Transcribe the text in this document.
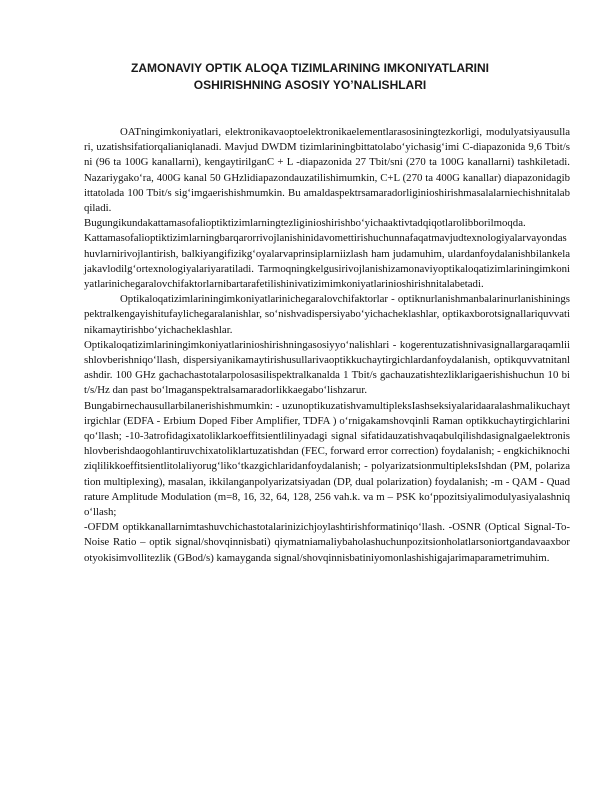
ZAMONAVIY OPTIK ALOQA TIZIMLARINING IMKONIYATLARINI
OSHIRISHNING ASOSIY YO’NALISHLARI

OATningimkoniyatlari, elektronikavaoptoelektronikaelementlarasosiningtezkorligi, modulyatsiyausullari, uzatishsifatiorqalianiqlanadi. Mavjud DWDM tizimlariningbittatolabo‘yichasig‘imi C-diapazonida 9,6 Tbit/sni (96 ta 100G kanallarni), kengaytirilganC + L -diapazonida 27 Tbit/sni (270 ta 100G kanallarni) tashkiletadi. Nazariygako‘ra, 400G kanal 50 GHzlidiapazondauzatilishimumkin, C+L (270 ta 400G kanallar) diapazonidagibittatolada 100 Tbit/s sig‘imgaerishishmumkin. Bu amaldaspektrsamaradorliginioshirishmasalalarniechishnitalabqiladi.

Bugungikundakattamasofalioptiktizimlarningtezliginioshirishbo‘yichaaktivtadqiqotlarolibborilmoqda.

Kattamasofalioptiktizimlarningbarqarorrivojlanishinidavomettirishuchunnafaqatmavjudtexnologiyalarvayondashuvlarnirivojlantirish, balkiyangifizikg‘oyalarvaprinsiplarniizlash ham judamuhim, ulardanfoydalanishbilankelajakavlodilg‘ortexnologiyalariyaratiladi. Tarmoqningkelgusirivojlanishizamonaviyoptikaloqatizimlariningimkoniyatlarinichegaralovchifaktorlarnibartarafetilishinivatizimimkoniyatlarinioshirishnitalabetadi.

Optikaloqatizimlariningimkoniyatlarinichegaralovchifaktorlar - optiknurlanishmanbalarinurlanishiningspektralkengayishitufaylichegaralanishlar, so‘nishvadispersiyabo‘yichacheklashlar, optikaxborotsignallariquvvatinikamaytirishbo‘yichacheklashlar.

Optikaloqatizimlariningimkoniyatlarinioshirishningasosiyyo‘nalishlari - kogerentuzatishnivasignallargaraqamliishlovberishniqo‘llash, dispersiyanikamaytirishusullarivaoptikkuchaytirgichlardanfoydalanish, optikquvvatnitanlashdir. 100 GHz gachachastotalarpolosasilispektralkanalda 1 Tbit/s gachauzatishtezliklarigaerishishuchun 10 bit/s/Hz dan past bo‘lmaganspektralsamaradorlikkaegabo‘lishzarur.

Bungabirnechausullarbilanerishishmumkin: - uzunoptikuzatishvamultipleksIashseksiyalaridaaralashmalikuchaytirgichlar (EDFA - Erbium Doped Fiber Amplifier, TDFA ) o‘rnigakamshovqinli Raman optikkuchaytirgichlariniqo‘llash; -10-3atrofidagixatoliklarkoeffitsientlilinyadagi signal sifatidauzatishvaqabulqilishdasignalgaelektronishlovberishdaogohlantiruvchixatoliklartuzatishdan (FEC, forward error correction) foydalanish; - engkichiknochiziqlilikkoeffitsientlitolaliyorug‘liko‘tkazgichlaridanfoydalanish; - polyarizatsionmultipleksIshdan (PM, polarization multiplexing), masalan, ikkilanganpolyarizatsiyadan (DP, dual polarization) foydalanish; -m - QAM - Quadrature Amplitude Modulation (m=8, 16, 32, 64, 128, 256 vah.k. va m – PSK ko‘ppozitsiyalimodulyasiyalashniqo‘llash;

-OFDM optikkanallarnimtashuvchichastotalarinizichjoylashtirishformatiniqo‘llash. -OSNR (Optical Signal-To-Noise Ratio – optik signal/shovqinnisbati) qiymatniamaliybaholashuchunpozitsionholatlarsoniortgandavaaxborotyokisimvollitezlik (GBod/s) kamayganda signal/shovqinnisbatiniyomonlashishigajarimaparametrimuhim.
